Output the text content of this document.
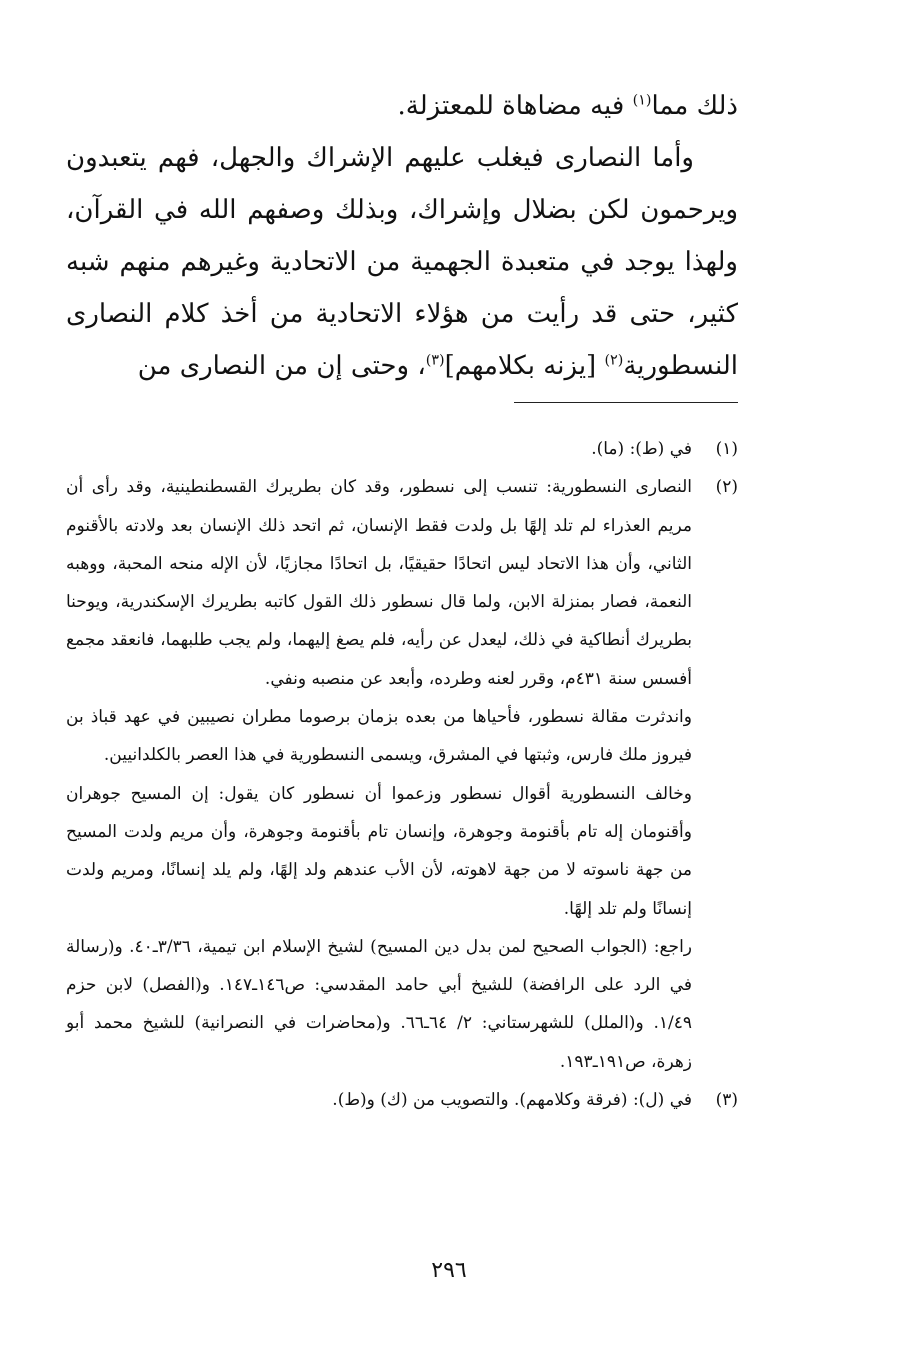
ذلك مما$^{(١)}$ فيه مضاهاة للمعتزلة.

وأما النصارى فيغلب عليهم الإشراك والجهل، فهم يتعبدون ويرحمون لكن بضلال وإشراك، وبذلك وصفهم الله في القرآن، ولهذا يوجد في متعبدة الجهمية من الاتحادية وغيرهم منهم شبه كثير، حتى قد رأيت من هؤلاء الاتحادية من أخذ كلام النصارى النسطورية$^{(٢)}$ [يزنه بكلامهم]$^{(٣)}$، وحتى إن من النصارى من

(١)

في (ط): (ما).

(٢)

النصارى النسطورية: تنسب إلى نسطور، وقد كان بطريرك القسطنطينية، وقد رأى أن مريم العذراء لم تلد إلهًا بل ولدت فقط الإنسان، ثم اتحد ذلك الإنسان بعد ولادته بالأقنوم الثاني، وأن هذا الاتحاد ليس اتحادًا حقيقيًا، بل اتحادًا مجازيًا، لأن الإله منحه المحبة، ووهبه النعمة، فصار بمنزلة الابن، ولما قال نسطور ذلك القول كاتبه بطريرك الإسكندرية، ويوحنا بطريرك أنطاكية في ذلك، ليعدل عن رأيه، فلم يصغ إليهما، ولم يجب طلبهما، فانعقد مجمع أفسس سنة ٤٣١م، وقرر لعنه وطرده، وأبعد عن منصبه ونفي.

واندثرت مقالة نسطور، فأحياها من بعده بزمان برصوما مطران نصيبين في عهد قباذ بن فيروز ملك فارس، وثبتها في المشرق، ويسمى النسطورية في هذا العصر بالكلدانيين.

وخالف النسطورية أقوال نسطور وزعموا أن نسطور كان يقول: إن المسيح جوهران وأقنومان إله تام بأقنومة وجوهرة، وإنسان تام بأقنومة وجوهرة، وأن مريم ولدت المسيح من جهة ناسوته لا من جهة لاهوته، لأن الأب عندهم ولد إلهًا، ولم يلد إنسانًا، ومريم ولدت إنسانًا ولم تلد إلهًا.

راجع: (الجواب الصحيح لمن بدل دين المسيح) لشيخ الإسلام ابن تيمية، ٣/٣٦ـ٤٠. و(رسالة في الرد على الرافضة) للشيخ أبي حامد المقدسي: ص١٤٦ـ١٤٧. و(الفصل) لابن حزم ١/٤٩. و(الملل) للشهرستاني: ٢/ ٦٤ـ٦٦. و(محاضرات في النصرانية) للشيخ محمد أبو زهرة، ص١٩١ـ١٩٣.

(٣)

في (ل): (فرقة وكلامهم). والتصويب من (ك) و(ط).

٢٩٦
